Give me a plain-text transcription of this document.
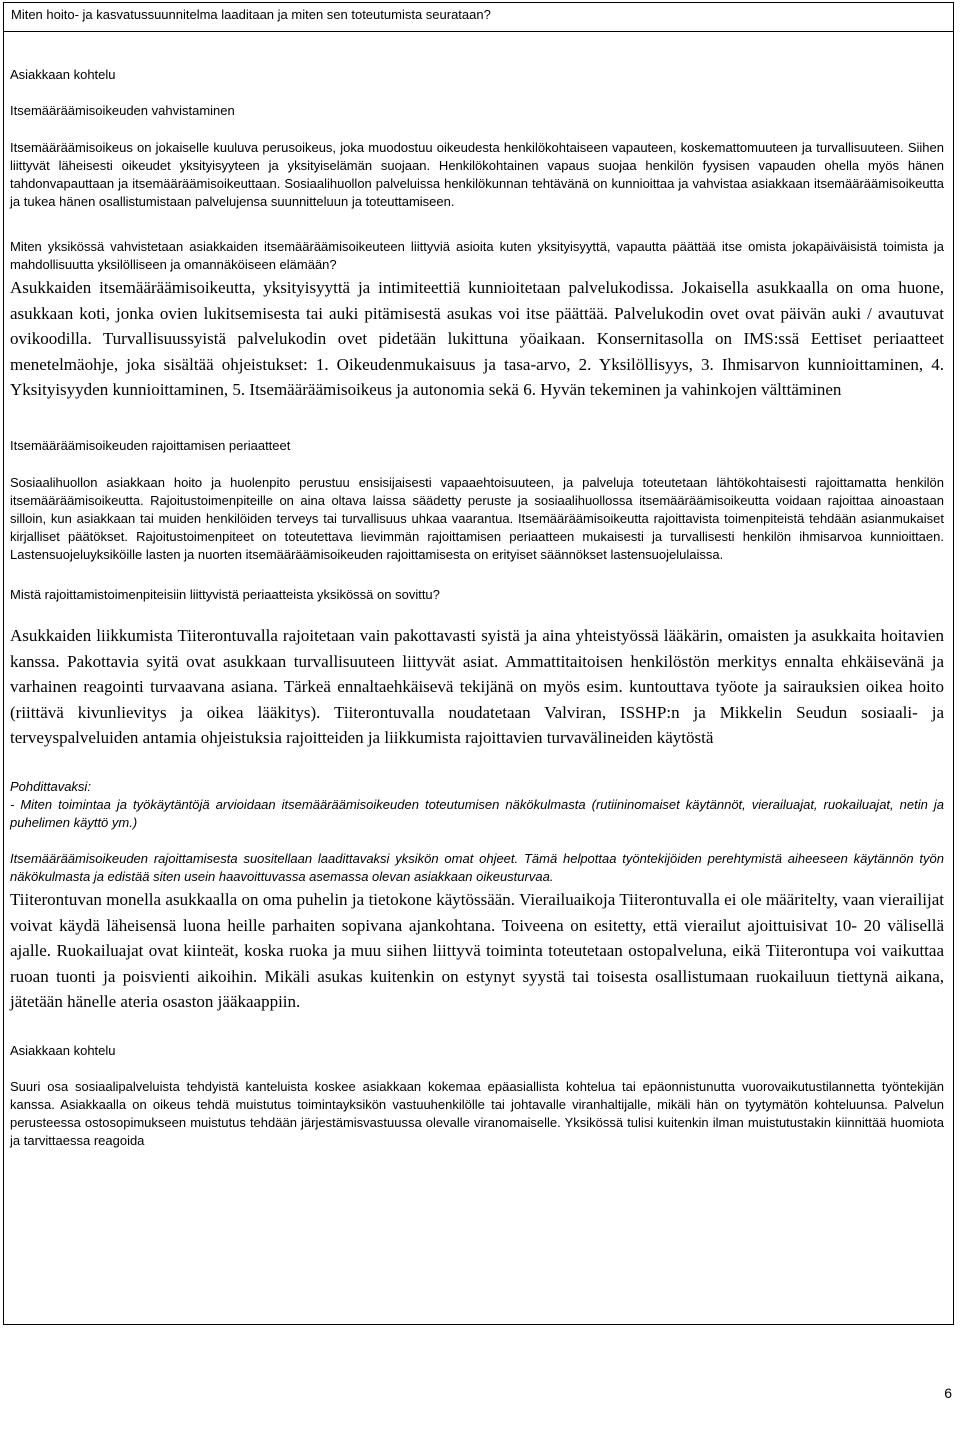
Miten hoito- ja kasvatussuunnitelma laaditaan ja miten sen toteutumista seurataan?

Asiakkaan kohtelu

Itsemääräämisoikeuden vahvistaminen

Itsemääräämisoikeus on jokaiselle kuuluva perusoikeus, joka muodostuu oikeudesta henkilökohtaiseen vapauteen, koskemattomuuteen ja turvallisuuteen. Siihen liittyvät läheisesti oikeudet yksityisyyteen ja yksityiselämän suojaan. Henkilökohtainen vapaus suojaa henkilön fyysisen vapauden ohella myös hänen tahdonvapauttaan ja itsemääräämisoikeuttaan. Sosiaalihuollon palveluissa henkilökunnan tehtävänä on kunnioittaa ja vahvistaa asiakkaan itsemääräämisoikeutta ja tukea hänen osallistumistaan palvelujensa suunnitteluun ja toteuttamiseen.

Miten yksikössä vahvistetaan asiakkaiden itsemääräämisoikeuteen liittyviä asioita kuten yksityisyyttä, vapautta päättää itse omista jokapäiväisistä toimista ja mahdollisuutta yksilölliseen ja omannäköiseen elämään?

Asukkaiden itsemääräämisoikeutta, yksityisyyttä ja intimiteettiä kunnioitetaan palvelukodissa. Jokaisella asukkaalla on oma huone, asukkaan koti, jonka ovien lukitsemisesta tai auki pitämisestä asukas voi itse päättää. Palvelukodin ovet ovat päivän auki / avautuvat ovikoodilla. Turvallisuussyistä palvelukodin ovet pidetään lukittuna yöaikaan. Konsernitasolla on IMS:ssä Eettiset periaatteet menetelmäohje, joka sisältää ohjeistukset: 1. Oikeudenmukaisuus ja tasa-arvo, 2. Yksilöllisyys, 3. Ihmisarvon kunnioittaminen, 4. Yksityisyyden kunnioittaminen, 5. Itsemääräämisoikeus ja autonomia sekä 6. Hyvän tekeminen ja vahinkojen välttäminen

Itsemääräämisoikeuden rajoittamisen periaatteet

Sosiaalihuollon asiakkaan hoito ja huolenpito perustuu ensisijaisesti vapaaehtoisuuteen, ja palveluja toteutetaan lähtökohtaisesti rajoittamatta henkilön itsemääräämisoikeutta. Rajoitustoimenpiteille on aina oltava laissa säädetty peruste ja sosiaalihuollossa itsemääräämisoikeutta voidaan rajoittaa ainoastaan silloin, kun asiakkaan tai muiden henkilöiden terveys tai turvallisuus uhkaa vaarantua. Itsemääräämisoikeutta rajoittavista toimenpiteistä tehdään asianmukaiset kirjalliset päätökset. Rajoitustoimenpiteet on toteutettava lievimmän rajoittamisen periaatteen mukaisesti ja turvallisesti henkilön ihmisarvoa kunnioittaen. Lastensuojeluyksiköille lasten ja nuorten itsemääräämisoikeuden rajoittamisesta on erityiset säännökset lastensuojelulaissa.

Mistä rajoittamistoimenpiteisiin liittyvistä periaatteista yksikössä on sovittu?

Asukkaiden liikkumista Tiiterontuvalla rajoitetaan vain pakottavasti syistä ja aina yhteistyössä lääkärin, omaisten ja asukkaita hoitavien kanssa. Pakottavia syitä ovat asukkaan turvallisuuteen liittyvät asiat. Ammattitaitoisen henkilöstön merkitys ennalta ehkäisevänä ja varhainen reagointi turvaavana asiana. Tärkeä ennaltaehkäisevä tekijänä on myös esim. kuntouttava työote ja sairauksien oikea hoito (riittävä kivunlievitys ja oikea lääkitys). Tiiterontuvalla noudatetaan Valviran, ISSHP:n ja Mikkelin Seudun sosiaali- ja terveyspalveluiden antamia ohjeistuksia rajoitteiden ja liikkumista rajoittavien turvavälineiden käytöstä

Pohdittavaksi:

- Miten toimintaa ja työkäytäntöjä arvioidaan itsemääräämisoikeuden toteutumisen näkökulmasta (rutiininomaiset käytännöt, vierailuajat, ruokailuajat, netin ja puhelimen käyttö ym.)

Itsemääräämisoikeuden rajoittamisesta suositellaan laadittavaksi yksikön omat ohjeet. Tämä helpottaa työntekijöiden perehtymistä aiheeseen käytännön työn näkökulmasta ja edistää siten usein haavoittuvassa asemassa olevan asiakkaan oikeusturvaa.

Tiiterontuvan monella asukkaalla on oma puhelin ja tietokone käytössään. Vierailuaikoja Tiiterontuvalla ei ole määritelty, vaan vierailijat voivat käydä läheisensä luona heille parhaiten sopivana ajankohtana. Toiveena on esitetty, että vierailut ajoittuisivat 10- 20 välisellä ajalle. Ruokailuajat ovat kiinteät, koska ruoka ja muu siihen liittyvä toiminta toteutetaan ostopalveluna, eikä Tiiterontupa voi vaikuttaa ruoan tuonti ja poisvienti aikoihin. Mikäli asukas kuitenkin on estynyt syystä tai toisesta osallistumaan ruokailuun tiettynä aikana, jätetään hänelle ateria osaston jääkaappiin.

Asiakkaan kohtelu

Suuri osa sosiaalipalveluista tehdyistä kanteluista koskee asiakkaan kokemaa epäasiallista kohtelua tai epäonnistunutta vuorovaikutustilannetta työntekijän kanssa. Asiakkaalla on oikeus tehdä muistutus toimintayksikön vastuuhenkilölle tai johtavalle viranhaltijalle, mikäli hän on tyytymätön kohteluunsa. Palvelun perusteessa ostosopimukseen muistutus tehdään järjestämisvastuussa olevalle viranomaiselle. Yksikössä tulisi kuitenkin ilman muistutustakin kiinnittää huomiota ja tarvittaessa reagoida

6
